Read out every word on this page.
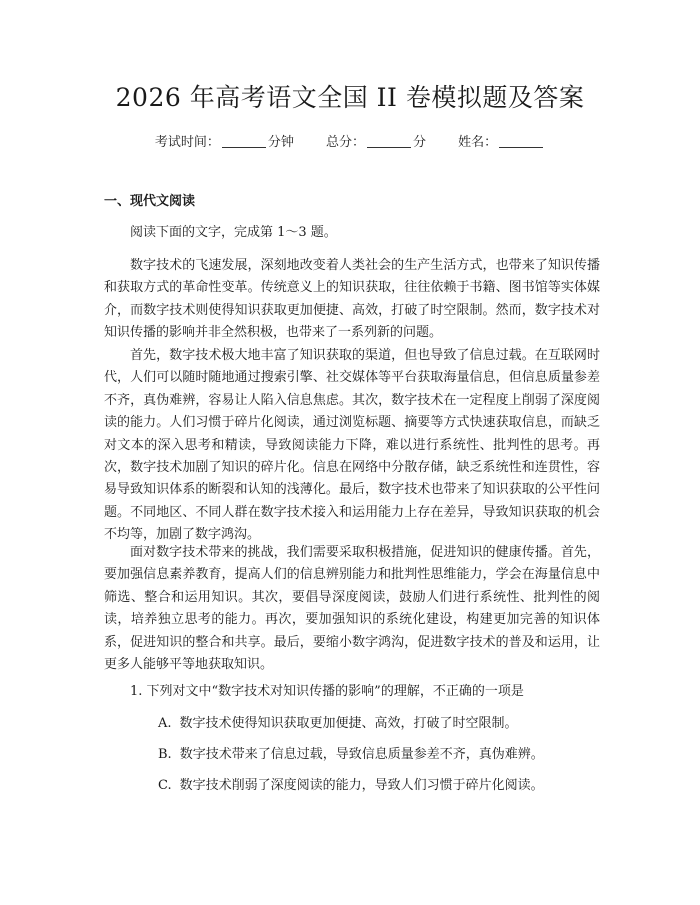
2026 年高考语文全国 II 卷模拟题及答案
考试时间：	分钟 总分：	分 姓名：
一、现代文阅读
阅读下面的文字，完成第 1～3 题。

数字技术的飞速发展，深刻地改变着人类社会的生产生活方式，也带来了知识传播和获取方式的革命性变革。传统意义上的知识获取，往往依赖于书籍、图书馆等实体媒介，而数字技术则使得知识获取更加便捷、高效，打破了时空限制。然而，数字技术对知识传播的影响并非全然积极，也带来了一系列新的问题。

首先，数字技术极大地丰富了知识获取的渠道，但也导致了信息过载。在互联网时代，人们可以随时随地通过搜索引擎、社交媒体等平台获取海量信息，但信息质量参差不齐，真伪难辨，容易让人陷入信息焦虑。其次，数字技术在一定程度上削弱了深度阅读的能力。人们习惯于碎片化阅读，通过浏览标题、摘要等方式快速获取信息，而缺乏对文本的深入思考和精读，导致阅读能力下降，难以进行系统性、批判性的思考。再次，数字技术加剧了知识的碎片化。信息在网络中分散存储，缺乏系统性和连贯性，容易导致知识体系的断裂和认知的浅薄化。最后，数字技术也带来了知识获取的公平性问题。不同地区、不同人群在数字技术接入和运用能力上存在差异，导致知识获取的机会不均等，加剧了数字鸿沟。

面对数字技术带来的挑战，我们需要采取积极措施，促进知识的健康传播。首先，要加强信息素养教育，提高人们的信息辨别能力和批判性思维能力，学会在海量信息中筛选、整合和运用知识。其次，要倡导深度阅读，鼓励人们进行系统性、批判性的阅读，培养独立思考的能力。再次，要加强知识的系统化建设，构建更加完善的知识体系，促进知识的整合和共享。最后，要缩小数字鸿沟，促进数字技术的普及和运用，让更多人能够平等地获取知识。

1. 下列对文中“数字技术对知识传播的影响”的理解，不正确的一项是
A. 数字技术使得知识获取更加便捷、高效，打破了时空限制。
B. 数字技术带来了信息过载，导致信息质量参差不齐，真伪难辨。
C. 数字技术削弱了深度阅读的能力，导致人们习惯于碎片化阅读。
